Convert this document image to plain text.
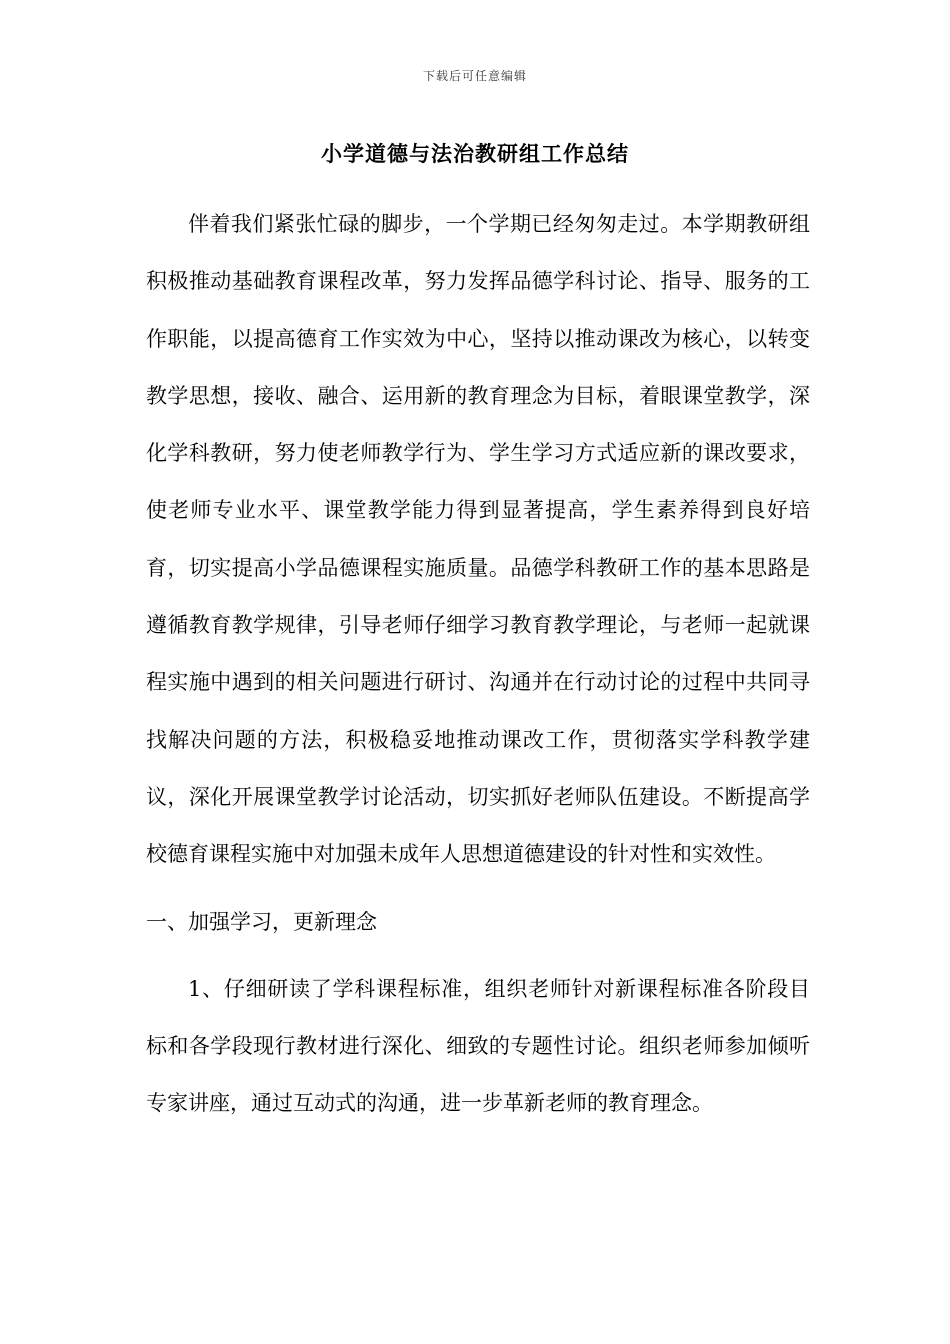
下载后可任意编辑
小学道德与法治教研组工作总结

伴着我们紧张忙碌的脚步，一个学期已经匆匆走过。本学期教研组积极推动基础教育课程改革，努力发挥品德学科讨论、指导、服务的工作职能，以提高德育工作实效为中心，坚持以推动课改为核心，以转变教学思想，接收、融合、运用新的教育理念为目标，着眼课堂教学，深化学科教研，努力使老师教学行为、学生学习方式适应新的课改要求，使老师专业水平、课堂教学能力得到显著提高，学生素养得到良好培育，切实提高小学品德课程实施质量。品德学科教研工作的基本思路是遵循教育教学规律，引导老师仔细学习教育教学理论，与老师一起就课程实施中遇到的相关问题进行研讨、沟通并在行动讨论的过程中共同寻找解决问题的方法，积极稳妥地推动课改工作，贯彻落实学科教学建议，深化开展课堂教学讨论活动，切实抓好老师队伍建设。不断提高学校德育课程实施中对加强未成年人思想道德建设的针对性和实效性。

一、加强学习，更新理念

1、仔细研读了学科课程标准，组织老师针对新课程标准各阶段目标和各学段现行教材进行深化、细致的专题性讨论。组织老师参加倾听专家讲座，通过互动式的沟通，进一步革新老师的教育理念。
